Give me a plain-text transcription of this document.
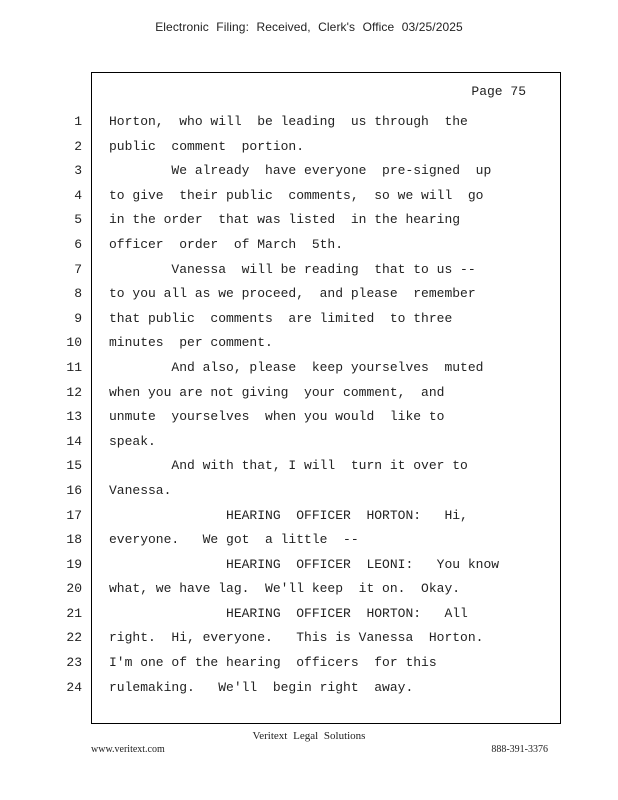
Electronic Filing: Received, Clerk's Office 03/25/2025
Page 75
1 Horton,  who will  be leading  us through  the
2 public  comment  portion.
3 We already  have everyone  pre-signed  up
4 to give  their public  comments,  so we will  go
5 in the order  that was listed  in the hearing
6 officer  order  of March  5th.
7 Vanessa  will be reading  that to us --
8 to you all as we proceed,  and please  remember
9 that public  comments  are limited  to three
10 minutes  per comment.
11 And also, please  keep yourselves  muted
12 when you are not giving  your comment,  and
13 unmute  yourselves  when you would  like to
14 speak.
15 And with that, I will  turn it over to
16 Vanessa.
17 HEARING  OFFICER  HORTON:   Hi,
18 everyone.   We got  a little  --
19 HEARING  OFFICER  LEONI:   You know
20 what, we have lag.  We'll keep  it on.  Okay.
21 HEARING  OFFICER  HORTON:   All
22 right.  Hi, everyone.   This is Vanessa  Horton.
23 I'm one of the hearing  officers  for this
24 rulemaking.   We'll  begin right  away.
Veritext Legal Solutions
www.veritext.com	888-391-3376
